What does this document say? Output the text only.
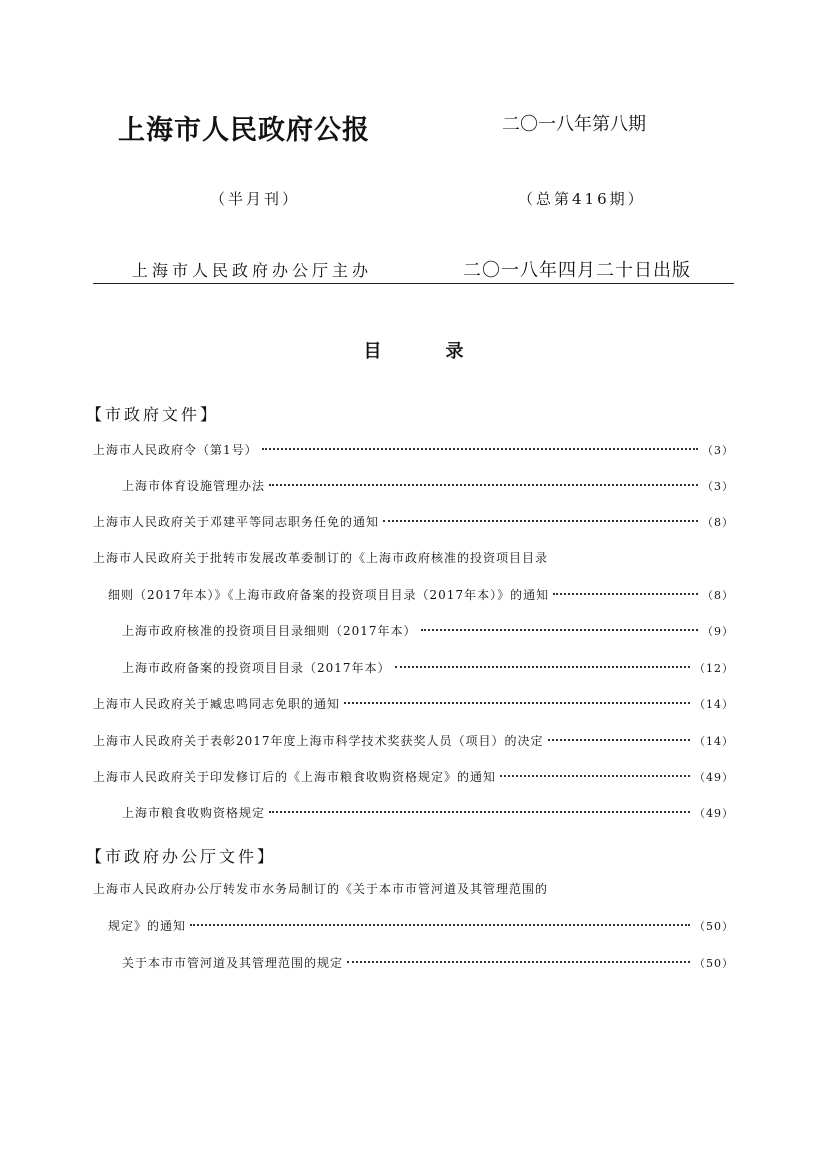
上海市人民政府公报	二〇一八年第八期
（半月刊）	（总第416期）
上海市人民政府办公厅主办	二〇一八年四月二十日出版
目	录
【市政府文件】
上海市人民政府令（第1号）	（3）
上海市体育设施管理办法	（3）
上海市人民政府关于邓建平等同志职务任免的通知	（8）
上海市人民政府关于批转市发展改革委制订的《上海市政府核准的投资项目目录
细则（2017年本）》《上海市政府备案的投资项目目录（2017年本）》的通知	（8）
上海市政府核准的投资项目目录细则（2017年本）	（9）
上海市政府备案的投资项目目录（2017年本）	（12）
上海市人民政府关于臧忠鸣同志免职的通知	（14）
上海市人民政府关于表彰2017年度上海市科学技术奖获奖人员（项目）的决定	（14）
上海市人民政府关于印发修订后的《上海市粮食收购资格规定》的通知	（49）
上海市粮食收购资格规定	（49）
【市政府办公厅文件】
上海市人民政府办公厅转发市水务局制订的《关于本市市管河道及其管理范围的
规定》的通知	（50）
关于本市市管河道及其管理范围的规定	（50）
